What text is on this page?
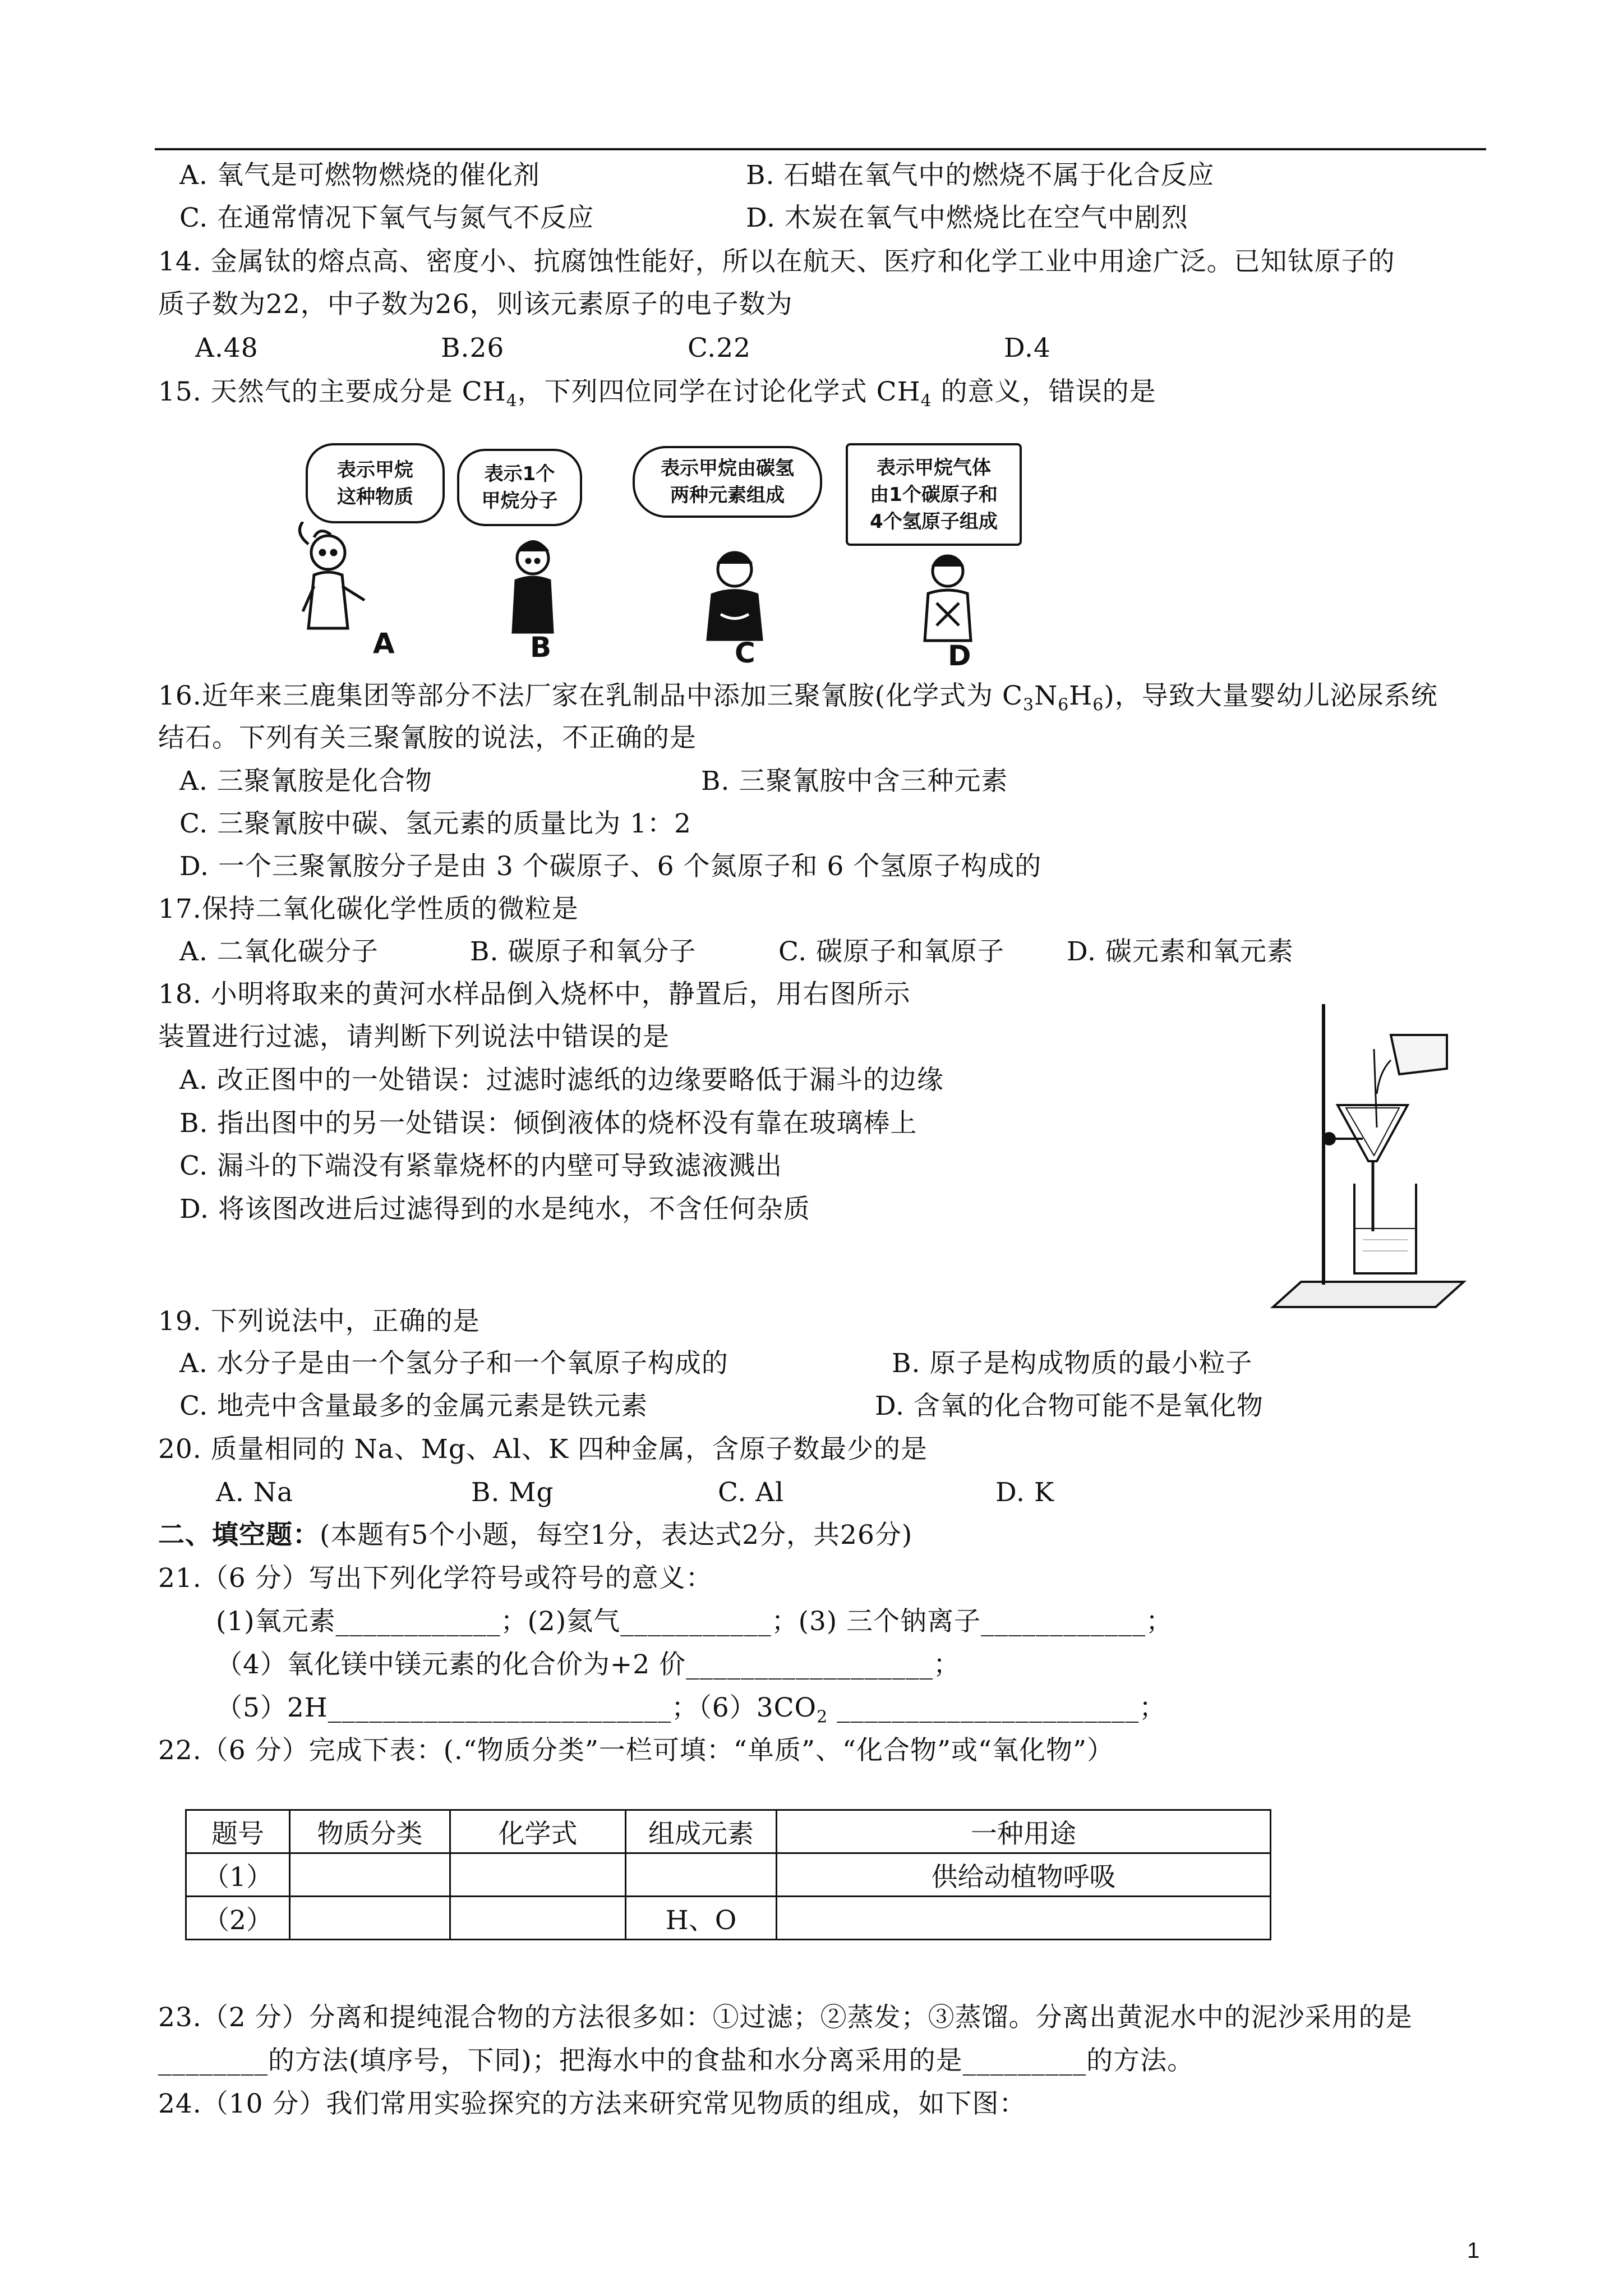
A. 氧气是可燃物燃烧的催化剂	B. 石蜡在氧气中的燃烧不属于化合反应
C. 在通常情况下氧气与氮气不反应	D. 木炭在氧气中燃烧比在空气中剧烈
14. 金属钛的熔点高、密度小、抗腐蚀性能好，所以在航天、医疗和化学工业中用途广泛。已知钛原子的
质子数为22，中子数为26，则该元素原子的电子数为
A.48	B.26	C.22	D.4
15. 天然气的主要成分是 $CH_4$，下列四位同学在讨论化学式 $CH_4$ 的意义，错误的是
表示甲烷
这种物质
表示1个
甲烷分子
表示甲烷由碳氢
两种元素组成
表示甲烷气体
由1个碳原子和
4个氢原子组成
A	B	C	D
16.近年来三鹿集团等部分不法厂家在乳制品中添加三聚氰胺(化学式为 $C_3N_6H_6$)，导致大量婴幼儿泌尿系统
结石。下列有关三聚氰胺的说法，不正确的是
A. 三聚氰胺是化合物	B. 三聚氰胺中含三种元素
C. 三聚氰胺中碳、氢元素的质量比为 1：2
D. 一个三聚氰胺分子是由 3 个碳原子、6 个氮原子和 6 个氢原子构成的
17.保持二氧化碳化学性质的微粒是
A. 二氧化碳分子	B. 碳原子和氧分子	C. 碳原子和氧原子 D. 碳元素和氧元素
18. 小明将取来的黄河水样品倒入烧杯中，静置后，用右图所示
装置进行过滤，请判断下列说法中错误的是
A. 改正图中的一处错误：过滤时滤纸的边缘要略低于漏斗的边缘
B. 指出图中的另一处错误：倾倒液体的烧杯没有靠在玻璃棒上
C. 漏斗的下端没有紧靠烧杯的内壁可导致滤液溅出
D. 将该图改进后过滤得到的水是纯水，不含任何杂质
19. 下列说法中，正确的是
A. 水分子是由一个氢分子和一个氧原子构成的	B. 原子是构成物质的最小粒子
C. 地壳中含量最多的金属元素是铁元素	D. 含氧的化合物可能不是氧化物
20. 质量相同的 Na、Mg、Al、K 四种金属，含原子数最少的是
A. Na	B. Mg	C. Al	D. K
二、填空题：(本题有5个小题，每空1分，表达式2分，共26分)
21.（6 分）写出下列化学符号或符号的意义：
(1)氧元素____________；(2)氦气___________；(3) 三个钠离子____________；
（4）氧化镁中镁元素的化合价为+2 价__________________；
（5）2H_________________________；$(6)3CO_2$ ______________________；
22.（6 分）完成下表：(.“物质分类”一栏可填：“单质”、“化合物”或“氧化物”）
题号	物质分类	化学式	组成元素	一种用途
（1）				供给动植物呼吸
（2）			H、O	
23.（2 分）分离和提纯混合物的方法很多如：①过滤；②蒸发；③蒸馏。分离出黄泥水中的泥沙采用的是
________的方法(填序号，下同)；把海水中的食盐和水分离采用的是_________的方法。
24.（10 分）我们常用实验探究的方法来研究常见物质的组成，如下图：
1
